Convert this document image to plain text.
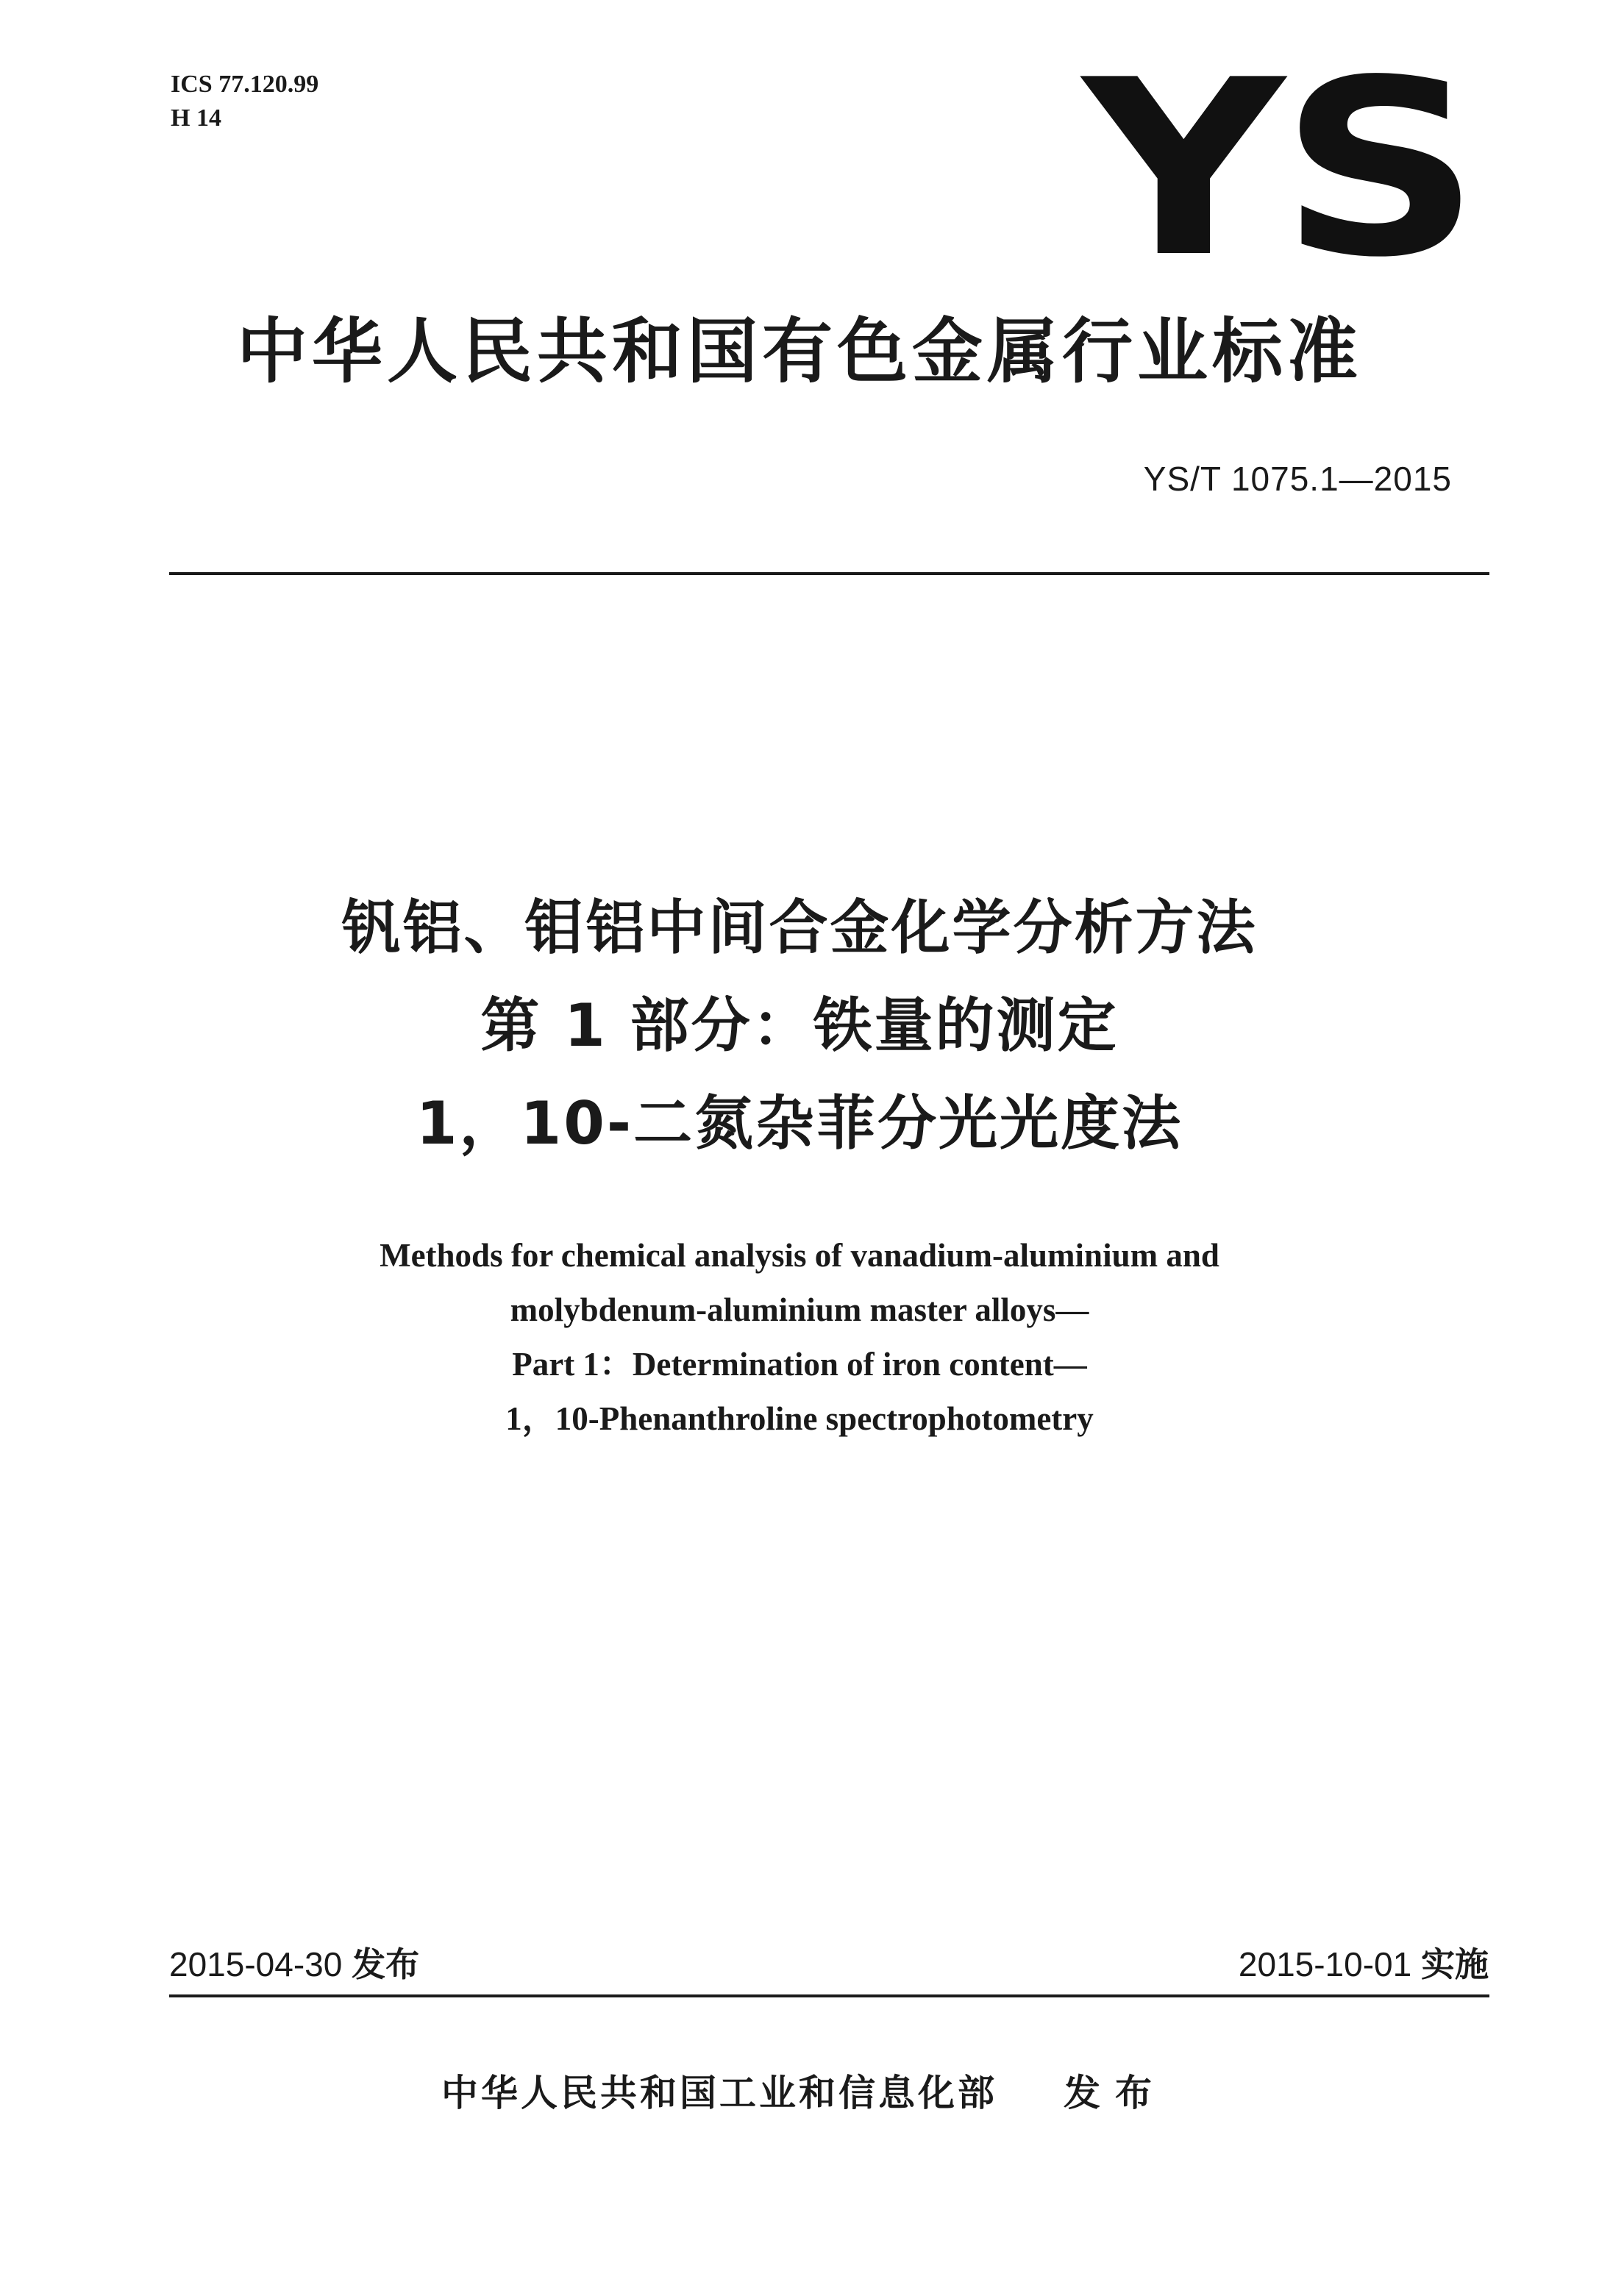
ICS 77.120.99
H 14	YS
中华人民共和国有色金属行业标准
YS/T 1075.1—2015
钒铝、钼铝中间合金化学分析方法
第 1 部分：铁量的测定
1，10-二氮杂菲分光光度法
Methods for chemical analysis of vanadium-aluminium and
molybdenum-aluminium master alloys—
Part 1：Determination of iron content—
1，10-Phenanthroline spectrophotometry
2015-04-30 发布	2015-10-01 实施
中华人民共和国工业和信息化部 发布
